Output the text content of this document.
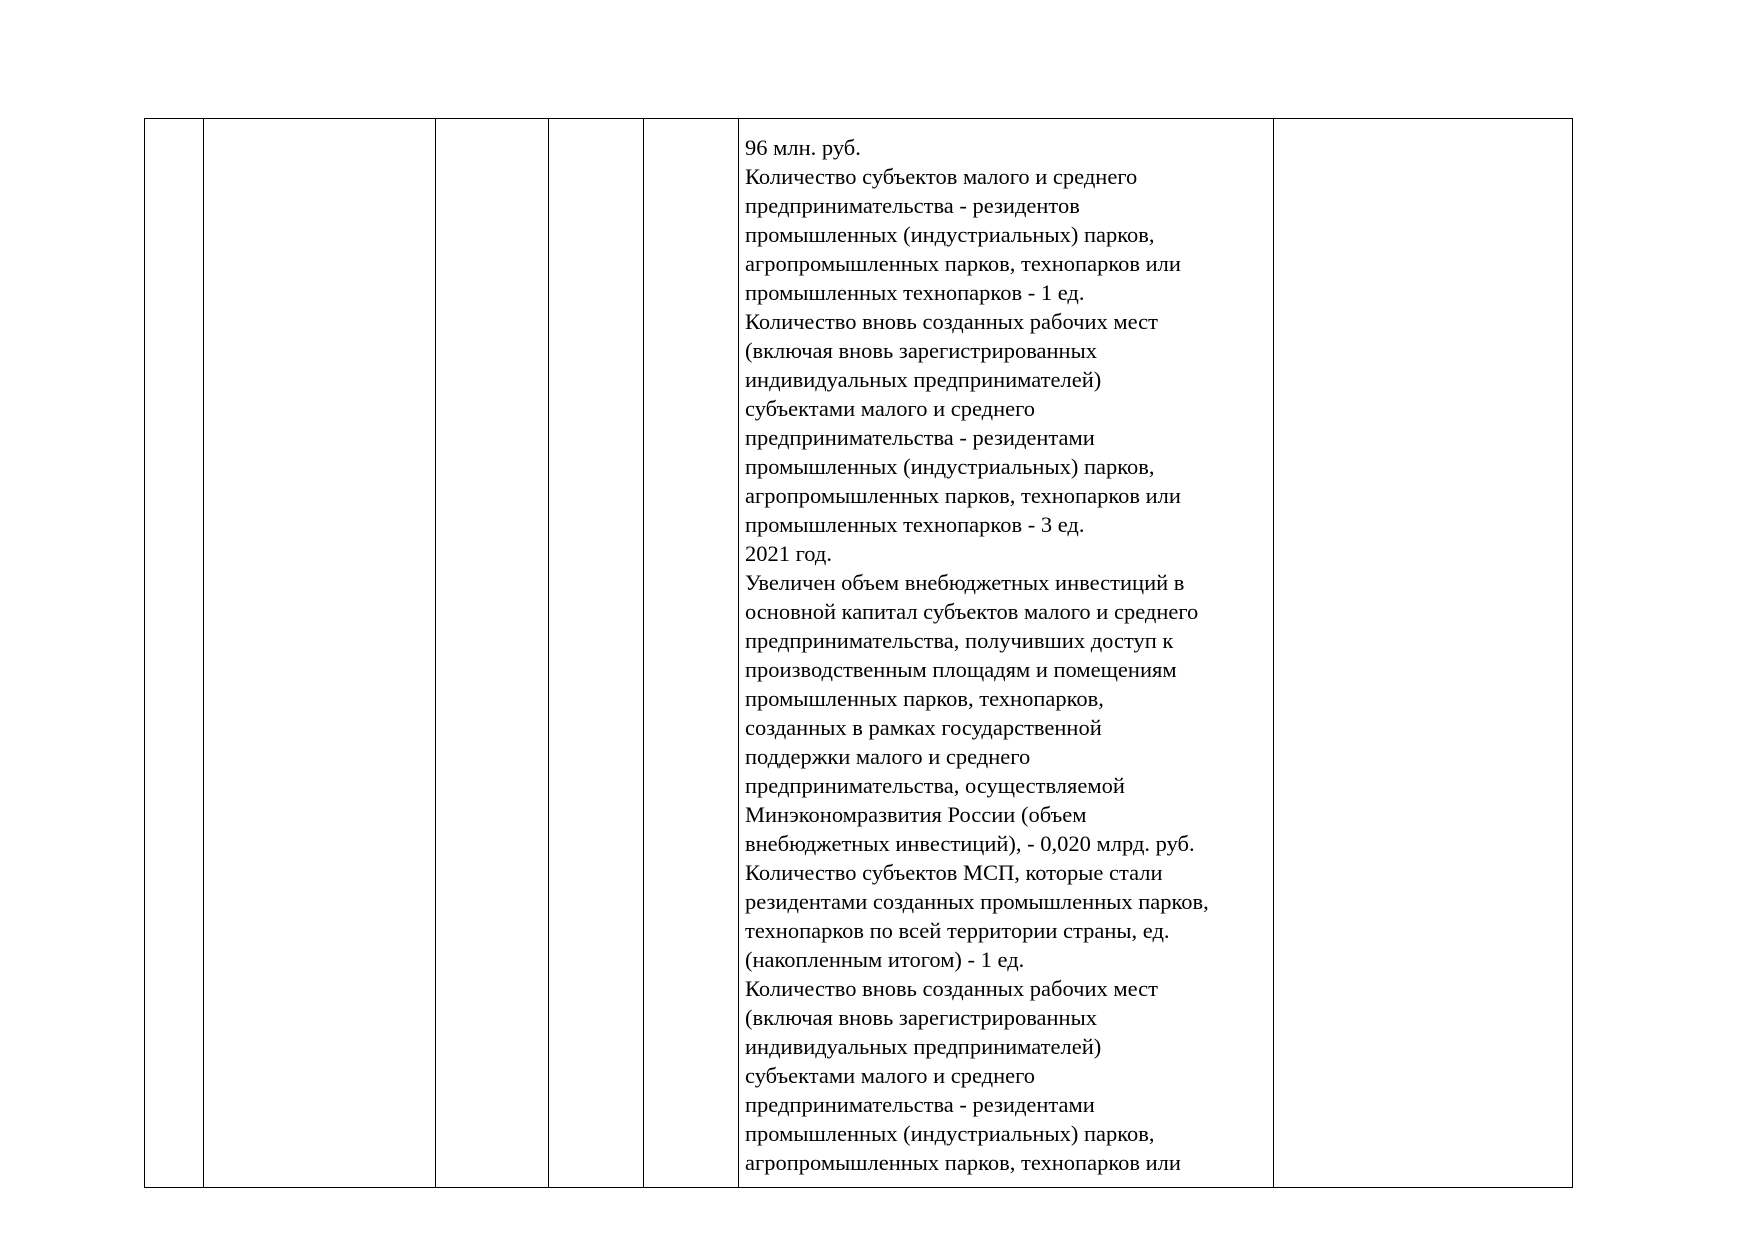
96 млн. руб.

Количество субъектов малого и среднего

предпринимательства - резидентов

промышленных (индустриальных) парков,

агропромышленных парков, технопарков или

промышленных технопарков - 1 ед.

Количество вновь созданных рабочих мест

(включая вновь зарегистрированных

индивидуальных предпринимателей)

субъектами малого и среднего

предпринимательства - резидентами

промышленных (индустриальных) парков,

агропромышленных парков, технопарков или

промышленных технопарков - 3 ед.

2021 год.

Увеличен объем внебюджетных инвестиций в

основной капитал субъектов малого и среднего

предпринимательства, получивших доступ к

производственным площадям и помещениям

промышленных парков, технопарков,

созданных в рамках государственной

поддержки малого и среднего

предпринимательства, осуществляемой

Минэкономразвития России (объем

внебюджетных инвестиций), - 0,020 млрд. руб.

Количество субъектов МСП, которые стали

резидентами созданных промышленных парков,

технопарков по всей территории страны, ед.

(накопленным итогом) - 1 ед.

Количество вновь созданных рабочих мест

(включая вновь зарегистрированных

индивидуальных предпринимателей)

субъектами малого и среднего

предпринимательства - резидентами

промышленных (индустриальных) парков,

агропромышленных парков, технопарков или
